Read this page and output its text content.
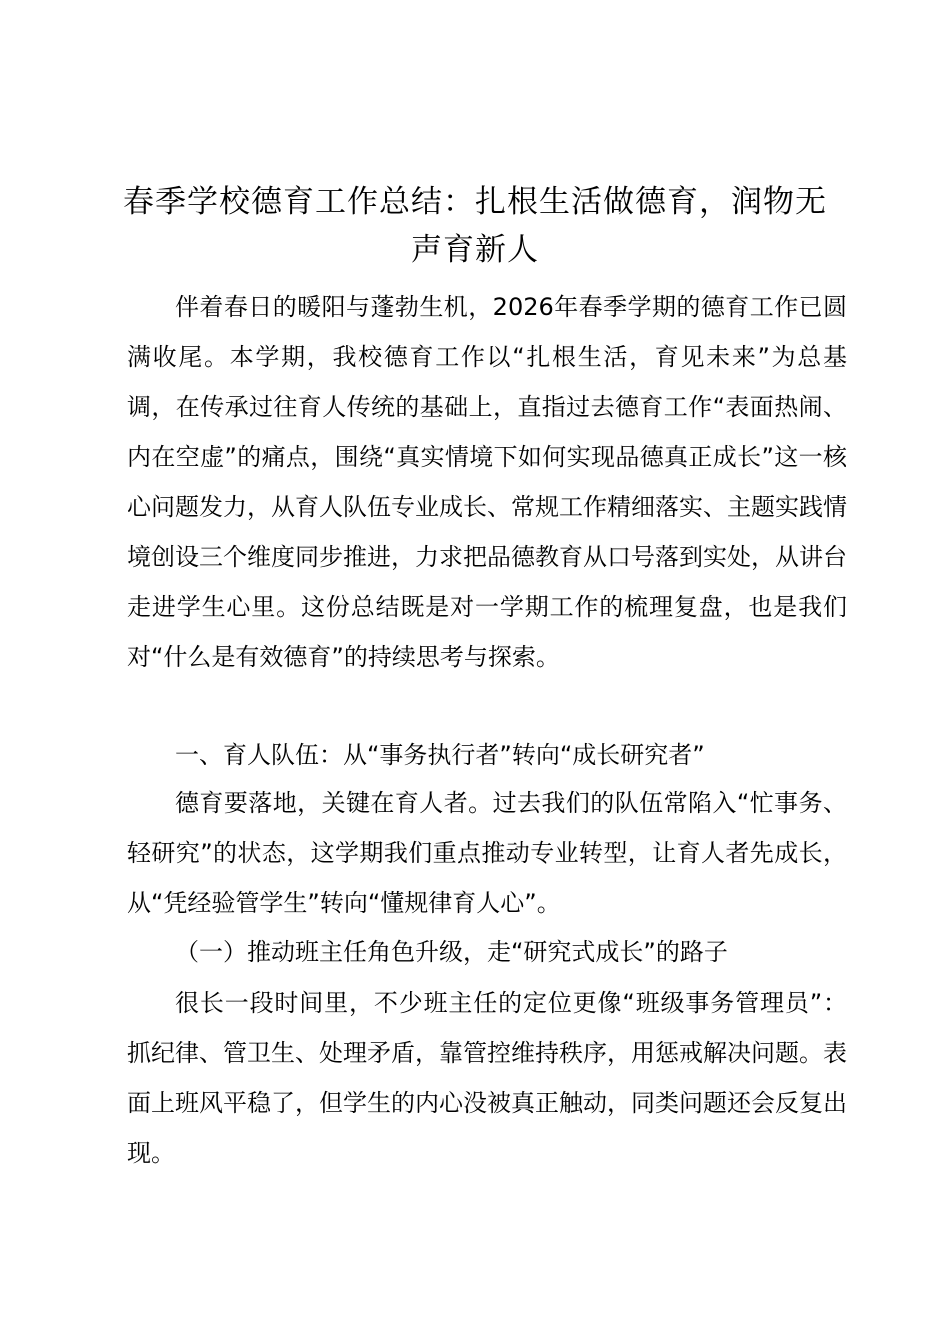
春季学校德育工作总结：扎根生活做德育，润物无声育新人

伴着春日的暖阳与蓬勃生机，2026年春季学期的德育工作已圆满收尾。本学期，我校德育工作以“扎根生活，育见未来”为总基调，在传承过往育人传统的基础上，直指过去德育工作“表面热闹、内在空虚”的痛点，围绕“真实情境下如何实现品德真正成长”这一核心问题发力，从育人队伍专业成长、常规工作精细落实、主题实践情境创设三个维度同步推进，力求把品德教育从口号落到实处，从讲台走进学生心里。这份总结既是对一学期工作的梳理复盘，也是我们对“什么是有效德育”的持续思考与探索。

一、育人队伍：从“事务执行者”转向“成长研究者”

德育要落地，关键在育人者。过去我们的队伍常陷入“忙事务、轻研究”的状态，这学期我们重点推动专业转型，让育人者先成长，从“凭经验管学生”转向“懂规律育人心”。

（一）推动班主任角色升级，走“研究式成长”的路子

很长一段时间里，不少班主任的定位更像“班级事务管理员”：抓纪律、管卫生、处理矛盾，靠管控维持秩序，用惩戒解决问题。表面上班风平稳了，但学生的内心没被真正触动，同类问题还会反复出现。
